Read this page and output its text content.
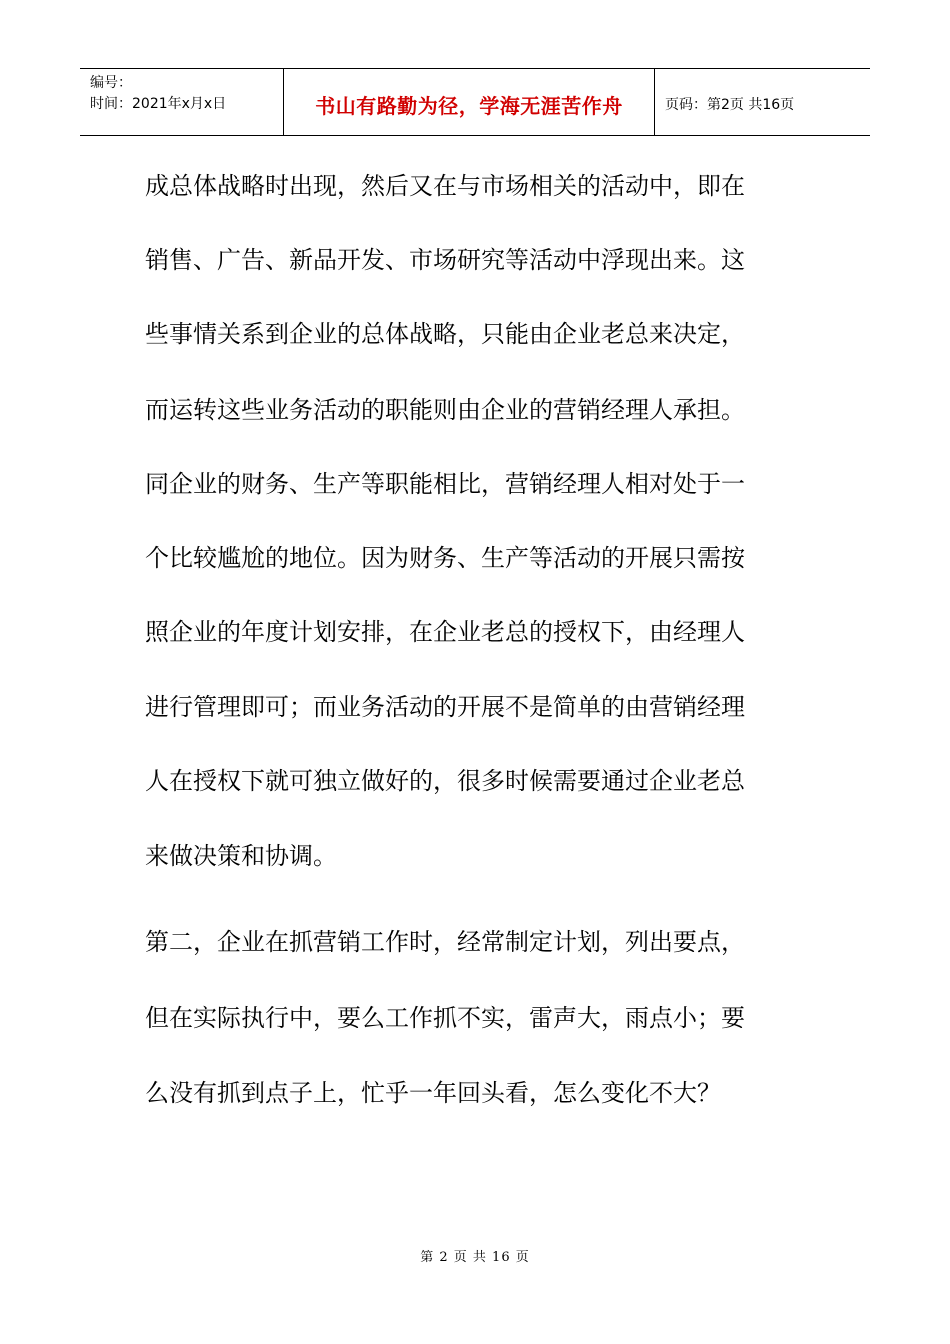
编号：
时间：2021年x月x日	书山有路勤为径，学海无涯苦作舟	页码：第2页 共16页
成总体战略时出现，然后又在与市场相关的活动中，即在
销售、广告、新品开发、市场研究等活动中浮现出来。这
些事情关系到企业的总体战略，只能由企业老总来决定，
而运转这些业务活动的职能则由企业的营销经理人承担。
同企业的财务、生产等职能相比，营销经理人相对处于一
个比较尴尬的地位。因为财务、生产等活动的开展只需按
照企业的年度计划安排，在企业老总的授权下，由经理人
进行管理即可；而业务活动的开展不是简单的由营销经理
人在授权下就可独立做好的，很多时候需要通过企业老总
来做决策和协调。
第二，企业在抓营销工作时，经常制定计划，列出要点，
但在实际执行中，要么工作抓不实，雷声大，雨点小；要
么没有抓到点子上，忙乎一年回头看，怎么变化不大？
第 2 页 共 16 页
